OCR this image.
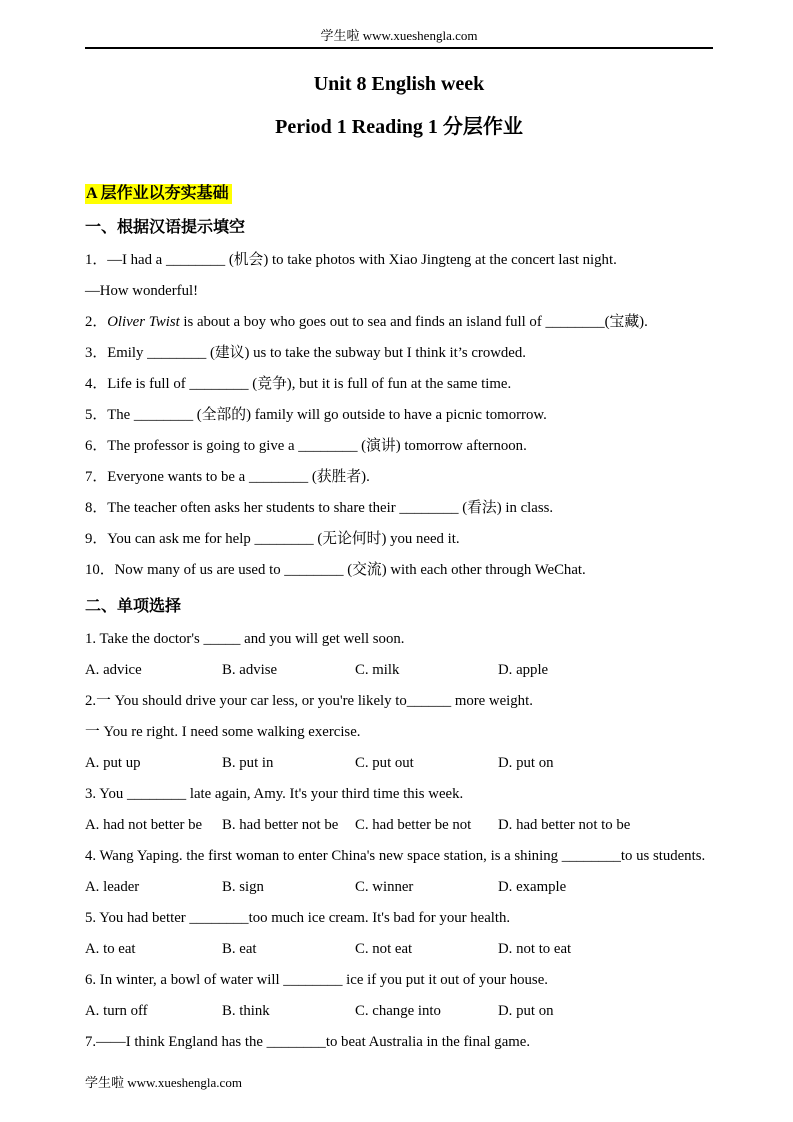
学生啦 www.xueshengla.com
Unit 8 English week
Period 1 Reading 1 分层作业
A 层作业以夯实基础
一、根据汉语提示填空

1．—I had a ________ (机会) to take photos with Xiao Jingteng at the concert last night.

—How wonderful!

2．Oliver Twist is about a boy who goes out to sea and finds an island full of ________(宝藏).

3．Emily ________ (建议) us to take the subway but I think it’s crowded.

4．Life is full of ________ (竞争), but it is full of fun at the same time.

5．The ________ (全部的) family will go outside to have a picnic tomorrow.

6．The professor is going to give a ________ (演讲) tomorrow afternoon.

7．Everyone wants to be a ________ (获胜者).

8．The teacher often asks her students to share their ________ (看法) in class.

9．You can ask me for help ________ (无论何时) you need it.

10．Now many of us are used to ________ (交流) with each other through WeChat.

二、单项选择

1. Take the doctor's _____ and you will get well soon.

A. advice	B. advise	C. milk	D. apple

2.一 You should drive your car less, or you're likely to______ more weight.

一 You re right. I need some walking exercise.

A. put up	B. put in	C. put out	D. put on

3. You ________ late again, Amy. It's your third time this week.

A. had not better be	B. had better not be	C. had better be not	D. had better not to be

4. Wang Yaping. the first woman to enter China's new space station, is a shining ________to us students.

A. leader	B. sign	C. winner	D. example

5. You had better ________too much ice cream. It's bad for your health.

A. to eat	B. eat	C. not eat	D. not to eat

6. In winter, a bowl of water will ________ ice if you put it out of your house.

A. turn off	B. think	C. change into	D. put on

7.——I think England has the ________to beat Australia in the final game.

学生啦 www.xueshengla.com
